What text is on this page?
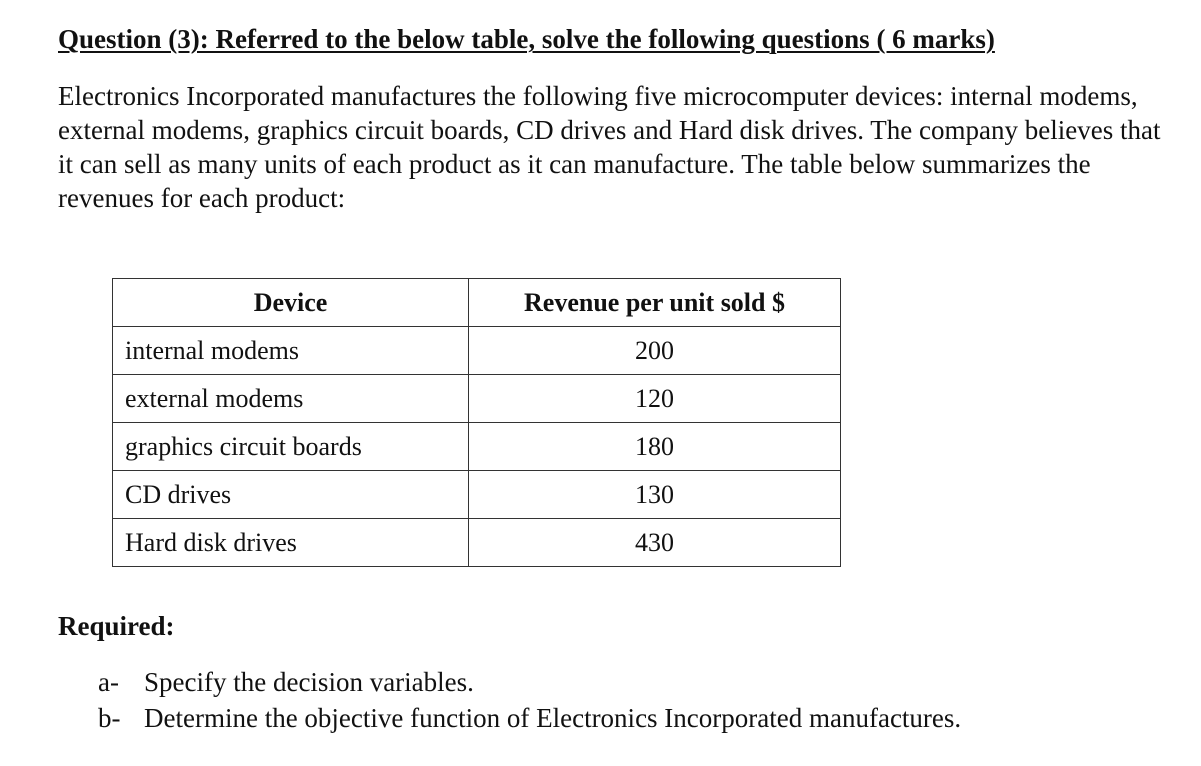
Question (3): Referred to the below table, solve the following questions ( 6 marks)

Electronics Incorporated manufactures the following five microcomputer devices: internal modems, external modems, graphics circuit boards, CD drives and Hard disk drives. The company believes that it can sell as many units of each product as it can manufacture. The table below summarizes the revenues for each product:

Device	Revenue per unit sold $
internal modems	200
external modems	120
graphics circuit boards	180
CD drives	130
Hard disk drives	430
Required:
a- Specify the decision variables.
b- Determine the objective function of Electronics Incorporated manufactures.
